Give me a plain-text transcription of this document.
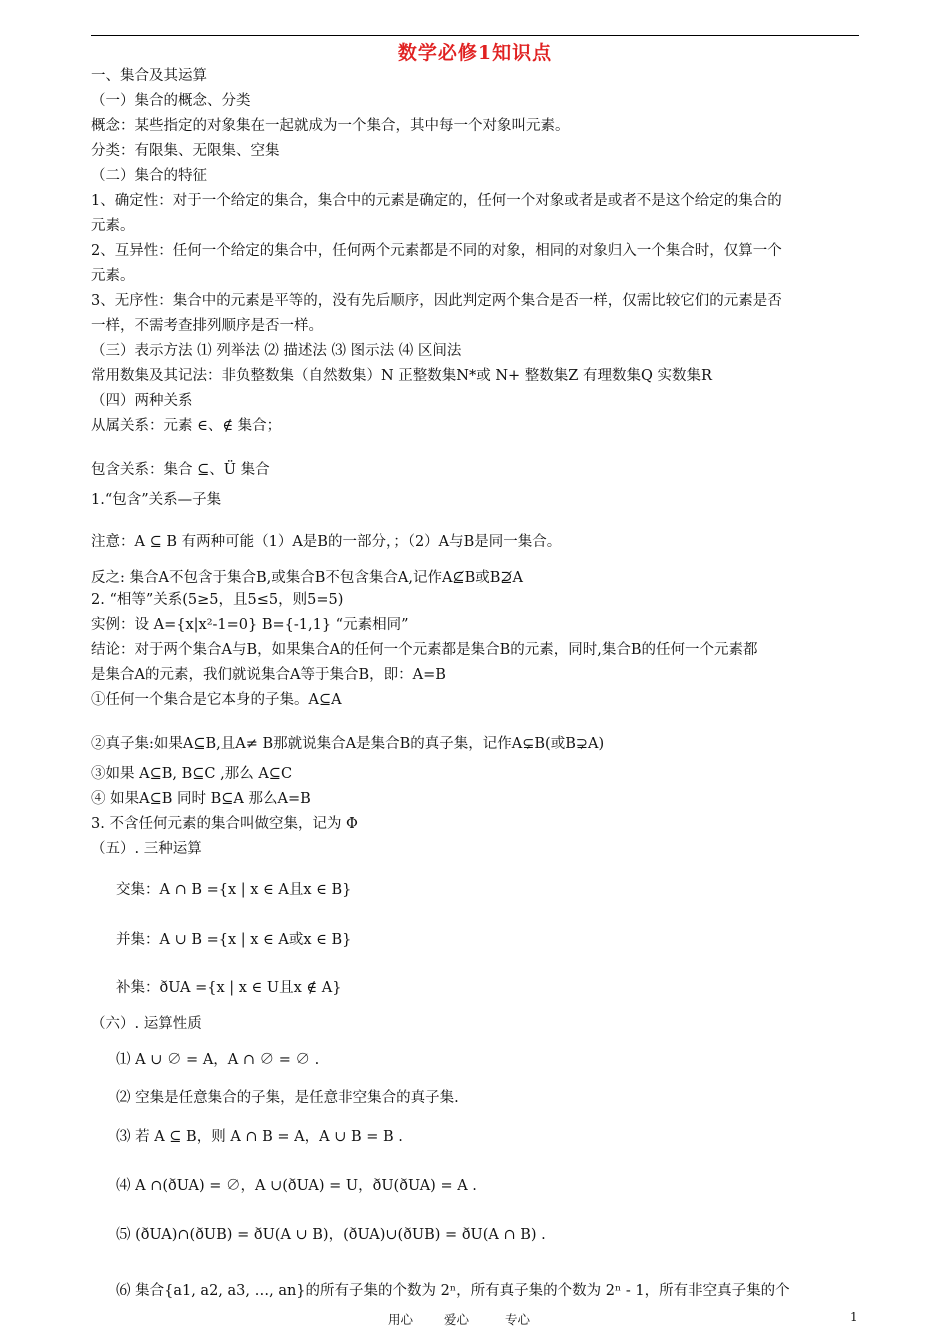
数学必修1知识点
一、集合及其运算
（一）集合的概念、分类
概念：某些指定的对象集在一起就成为一个集合，其中每一个对象叫元素。
分类：有限集、无限集、空集
（二）集合的特征
1、确定性：对于一个给定的集合，集合中的元素是确定的，任何一个对象或者是或者不是这个给定的集合的
元素。
2、互异性：任何一个给定的集合中，任何两个元素都是不同的对象，相同的对象归入一个集合时，仅算一个
元素。
3、无序性：集合中的元素是平等的，没有先后顺序，因此判定两个集合是否一样，仅需比较它们的元素是否
一样，不需考查排列顺序是否一样。
（三）表示方法 ⑴ 列举法 ⑵ 描述法 ⑶ 图示法 ⑷ 区间法
常用数集及其记法：非负整数集（自然数集）N 正整数集N*或 N+ 整数集Z 有理数集Q 实数集R
（四）两种关系
从属关系：元素 ∈、∉ 集合；
包含关系：集合 ⊆、Ü 集合
1.“包含”关系—子集
注意：A ⊆ B 有两种可能（1）A是B的一部分，；（2）A与B是同一集合。
反之: 集合A不包含于集合B,或集合B不包含集合A,记作A⊈B或B⊉A
2. “相等”关系(5≥5，且5≤5，则5=5)
实例：设 A={x|x²-1=0} B={-1,1} “元素相同”
结论：对于两个集合A与B，如果集合A的任何一个元素都是集合B的元素，同时,集合B的任何一个元素都
是集合A的元素，我们就说集合A等于集合B，即：A=B
①任何一个集合是它本身的子集。A⊆A
②真子集:如果A⊆B,且A≠ B那就说集合A是集合B的真子集，记作A⊊B(或B⊋A)
③如果 A⊆B, B⊆C ,那么 A⊆C
④ 如果A⊆B 同时 B⊆A 那么A=B
3. 不含任何元素的集合叫做空集，记为 Φ
（五）. 三种运算
交集：A ∩ B ={x | x ∈ A且x ∈ B}
并集：A ∪ B ={x | x ∈ A或x ∈ B}
补集：ðUA ={x | x ∈ U且x ∉ A}
（六）. 运算性质
⑴ A ∪ ∅ = A，A ∩ ∅ = ∅ .
⑵ 空集是任意集合的子集，是任意非空集合的真子集.
⑶ 若 A ⊆ B，则 A ∩ B = A，A ∪ B = B .
⑷ A ∩(ðUA) = ∅，A ∪(ðUA) = U，ðU(ðUA) = A .
⑸ (ðUA)∩(ðUB) = ðU(A ∪ B)，(ðUA)∪(ðUB) = ðU(A ∩ B) .
⑹ 集合{a1, a2, a3, …, an}的所有子集的个数为 2ⁿ，所有真子集的个数为 2ⁿ - 1，所有非空真子集的个
用心 爱心	专心	1
